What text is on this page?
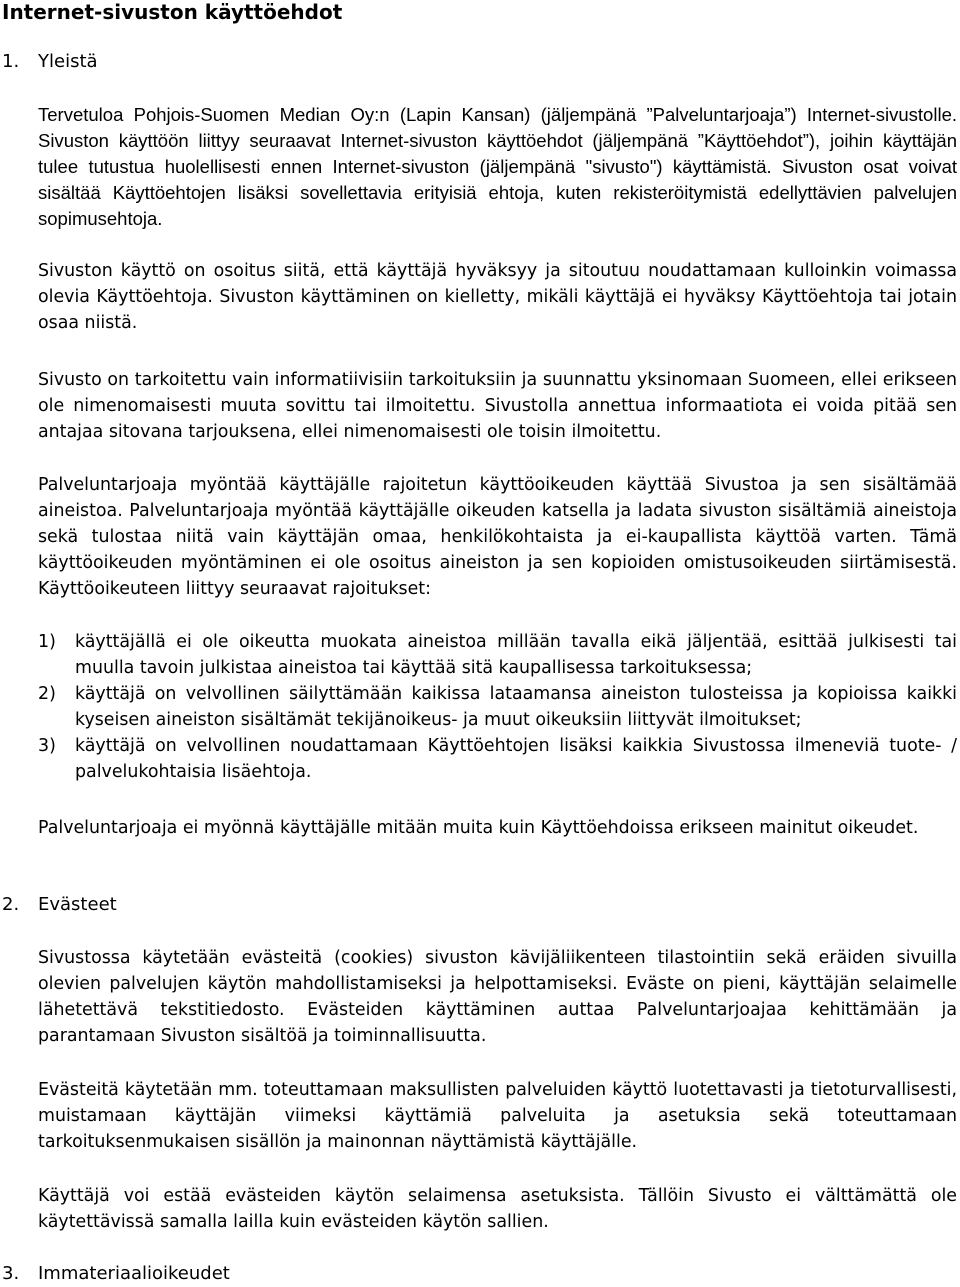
Internet-sivuston käyttöehdot
1. Yleistä

Tervetuloa Pohjois-Suomen Median Oy:n (Lapin Kansan) (jäljempänä ”Palveluntarjoaja”) Internet-sivustolle. Sivuston käyttöön liittyy seuraavat Internet-sivuston käyttöehdot (jäljempänä ”Käyttöehdot”), joihin käyttäjän tulee tutustua huolellisesti ennen Internet-sivuston (jäljempänä "sivusto") käyttämistä. Sivuston osat voivat sisältää Käyttöehtojen lisäksi sovellettavia erityisiä ehtoja, kuten rekisteröitymistä edellyttävien palvelujen sopimusehtoja.

Sivuston käyttö on osoitus siitä, että käyttäjä hyväksyy ja sitoutuu noudattamaan kulloinkin voimassa olevia Käyttöehtoja. Sivuston käyttäminen on kielletty, mikäli käyttäjä ei hyväksy Käyttöehtoja tai jotain osaa niistä.

Sivusto on tarkoitettu vain informatiivisiin tarkoituksiin ja suunnattu yksinomaan Suomeen, ellei erikseen ole nimenomaisesti muuta sovittu tai ilmoitettu. Sivustolla annettua informaatiota ei voida pitää sen antajaa sitovana tarjouksena, ellei nimenomaisesti ole toisin ilmoitettu.

Palveluntarjoaja myöntää käyttäjälle rajoitetun käyttöoikeuden käyttää Sivustoa ja sen sisältämää aineistoa. Palveluntarjoaja myöntää käyttäjälle oikeuden katsella ja ladata sivuston sisältämiä aineistoja sekä tulostaa niitä vain käyttäjän omaa, henkilökohtaista ja ei-kaupallista käyttöä varten. Tämä käyttöoikeuden myöntäminen ei ole osoitus aineiston ja sen kopioiden omistusoikeuden siirtämisestä. Käyttöoikeuteen liittyy seuraavat rajoitukset:

1) käyttäjällä ei ole oikeutta muokata aineistoa millään tavalla eikä jäljentää, esittää julkisesti tai muulla tavoin julkistaa aineistoa tai käyttää sitä kaupallisessa tarkoituksessa;
2) käyttäjä on velvollinen säilyttämään kaikissa lataamansa aineiston tulosteissa ja kopioissa kaikki kyseisen aineiston sisältämät tekijänoikeus- ja muut oikeuksiin liittyvät ilmoitukset;
3) käyttäjä on velvollinen noudattamaan Käyttöehtojen lisäksi kaikkia Sivustossa ilmeneviä tuote- / palvelukohtaisia lisäehtoja.

Palveluntarjoaja ei myönnä käyttäjälle mitään muita kuin Käyttöehdoissa erikseen mainitut oikeudet.

2. Evästeet

Sivustossa käytetään evästeitä (cookies) sivuston kävijäliikenteen tilastointiin sekä eräiden sivuilla olevien palvelujen käytön mahdollistamiseksi ja helpottamiseksi. Eväste on pieni, käyttäjän selaimelle lähetettävä tekstitiedosto. Evästeiden käyttäminen auttaa Palveluntarjoajaa kehittämään ja parantamaan Sivuston sisältöä ja toiminnallisuutta.

Evästeitä käytetään mm. toteuttamaan maksullisten palveluiden käyttö luotettavasti ja tietoturvallisesti, muistamaan käyttäjän viimeksi käyttämiä palveluita ja asetuksia sekä toteuttamaan tarkoituksenmukaisen sisällön ja mainonnan näyttämistä käyttäjälle.

Käyttäjä voi estää evästeiden käytön selaimensa asetuksista. Tällöin Sivusto ei välttämättä ole käytettävissä samalla lailla kuin evästeiden käytön sallien.

3. Immateriaalioikeudet
